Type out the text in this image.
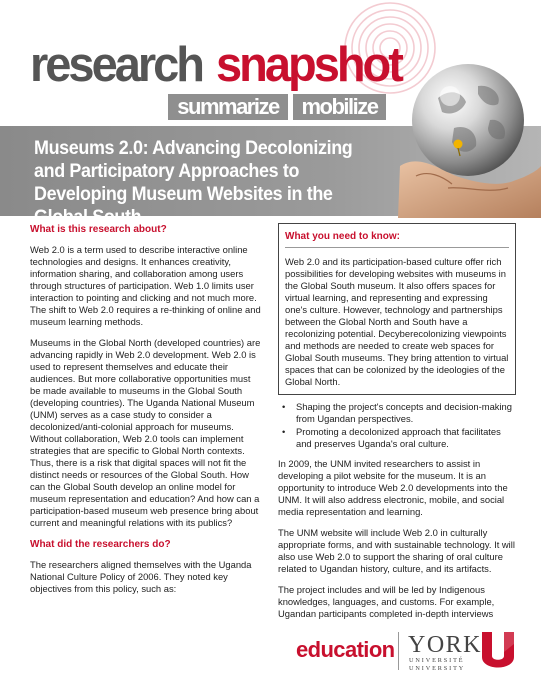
research snapshot
summarize	mobilize
Museums 2.0: Advancing Decolonizing and Participatory Approaches to Developing Museum Websites in the Global South
What is this research about?

Web 2.0 is a term used to describe interactive online technologies and designs. It enhances creativity, information sharing, and collaboration among users through structures of participation. Web 1.0 limits user interaction to pointing and clicking and not much more. The shift to Web 2.0 requires a re-thinking of online and museum learning methods.

Museums in the Global North (developed countries) are advancing rapidly in Web 2.0 development. Web 2.0 is used to represent themselves and educate their audiences. But more collaborative opportunities must be made available to museums in the Global South (developing countries). The Uganda National Museum (UNM) serves as a case study to consider a decolonized/anti-colonial approach for museums. Without collaboration, Web 2.0 tools can implement strategies that are specific to Global North contexts. Thus, there is a risk that digital spaces will not fit the distinct needs or resources of the Global South. How can the Global South develop an online model for museum representation and education? And how can a participation-based museum web presence bring about current and meaningful relations with its publics?

What did the researchers do?

The researchers aligned themselves with the Uganda National Culture Policy of 2006. They noted key objectives from this policy, such as:

What you need to know:

Web 2.0 and its participation-based culture offer rich possibilities for developing websites with museums in the Global South museum. It also offers spaces for virtual learning, and representing and expressing one's culture. However, technology and partnerships between the Global North and South have a recolonizing potential. Decyberecolonizing viewpoints and methods are needed to create web spaces for Global South museums. They bring attention to virtual spaces that can be colonized by the ideologies of the Global North.

• Shaping the project's concepts and decision-making from Ugandan perspectives.
• Promoting a decolonized approach that facilitates and preserves Uganda's oral culture.

In 2009, the UNM invited researchers to assist in developing a pilot website for the museum. It is an opportunity to introduce Web 2.0 developments into the UNM. It will also address electronic, mobile, and social media representation and learning.

The UNM website will include Web 2.0 in culturally appropriate forms, and with sustainable technology. It will also use Web 2.0 to support the sharing of oral culture related to Ugandan history, culture, and its artifacts.

The project includes and will be led by Indigenous knowledges, languages, and customs. For example, Ugandan participants completed in-depth interviews

education YORK
UNIVERSITÉ UNIVERSITY
